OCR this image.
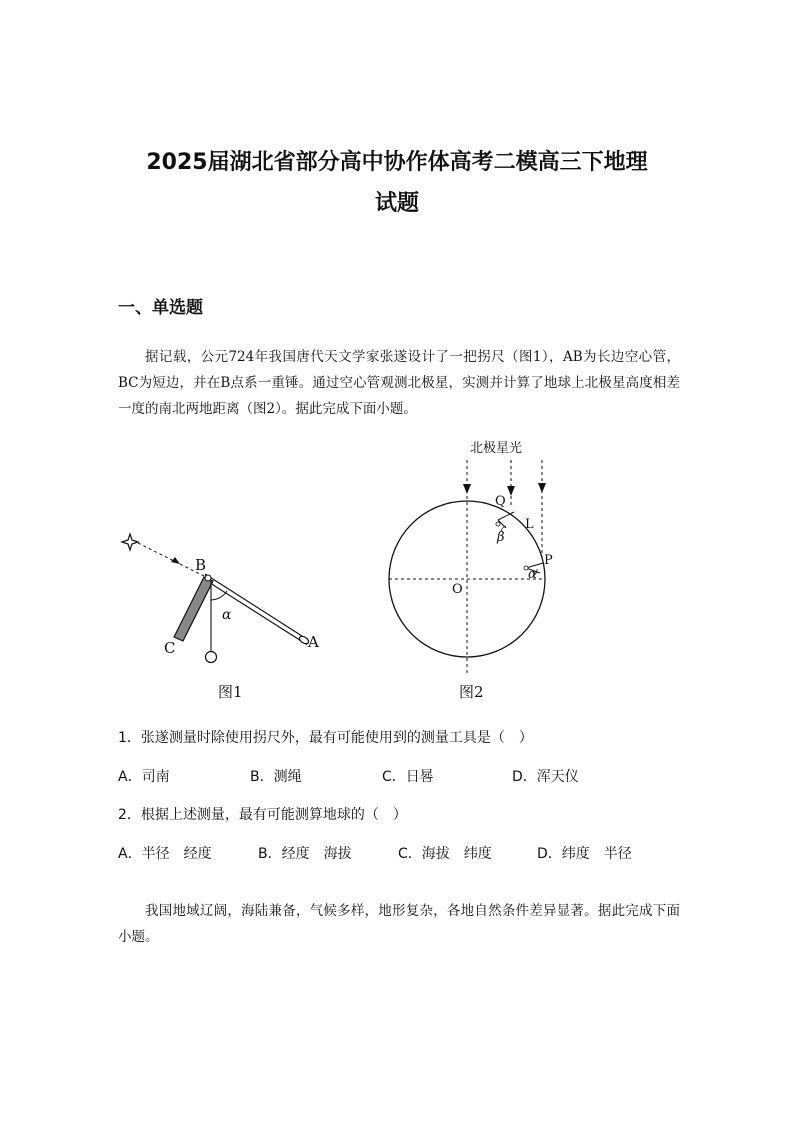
2025届湖北省部分高中协作体高考二模高三下地理
试题
一、单选题
据记载，公元724年我国唐代天文学家张遂设计了一把拐尺（图1），AB为长边空心管，BC为短边，并在B点系一重锤。通过空心管观测北极星，实测并计算了地球上北极星高度相差一度的南北两地距离（图2）。据此完成下面小题。
B
A
C
α
图1
北极星光
Q
L
P
O
β
α
图2
1．张遂测量时除使用拐尺外，最有可能使用到的测量工具是（　）
A．司南	B．测绳	C．日晷	D．浑天仪
2．根据上述测量，最有可能测算地球的（　）
A．半径　经度	B．经度　海拔	C．海拔　纬度	D．纬度　半径
我国地域辽阔，海陆兼备，气候多样，地形复杂，各地自然条件差异显著。据此完成下面小题。
